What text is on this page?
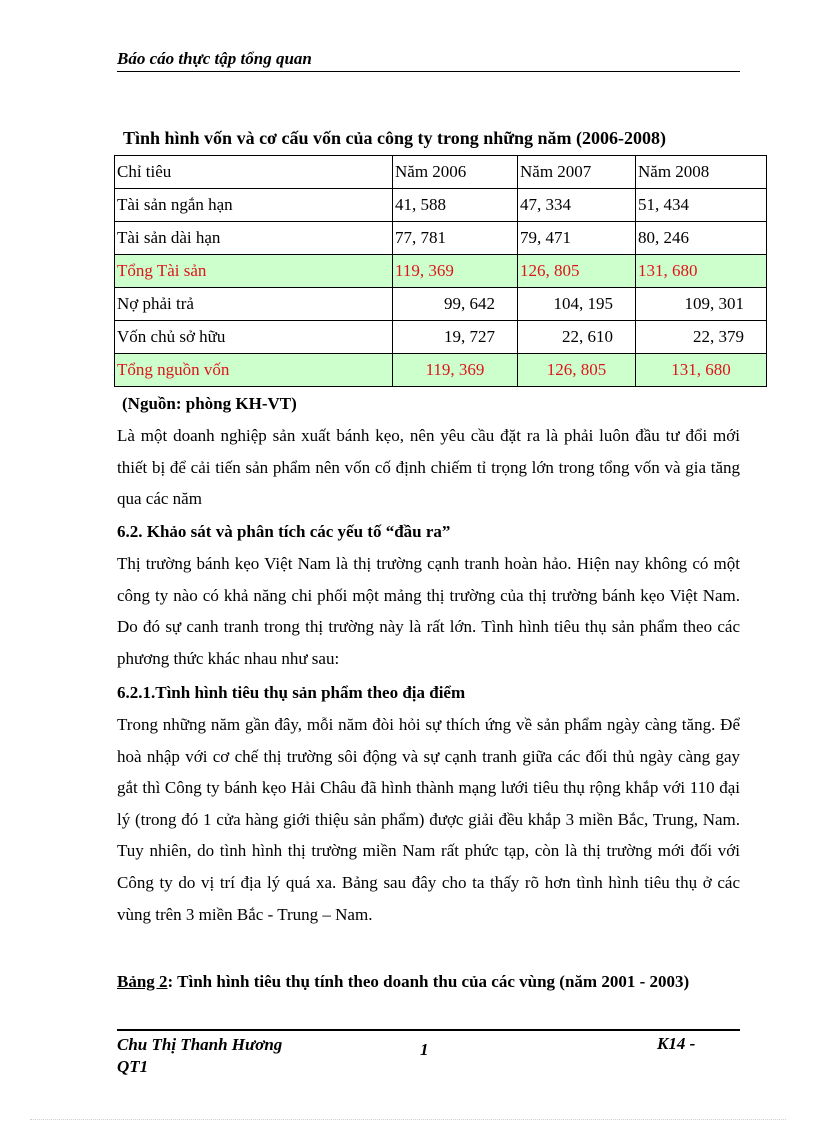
Báo cáo thực tập tổng quan
Tình hình vốn và cơ cấu vốn của công ty trong những năm (2006-2008)
Chỉ tiêu	Năm 2006	Năm 2007	Năm 2008
Tài sản ngắn hạn	41, 588	47, 334	51, 434
Tài sản dài hạn	77, 781	79, 471	80, 246
Tổng Tài sản	119, 369	126, 805	131, 680
Nợ phải trả	99, 642	104, 195	109, 301
Vốn chủ sở hữu	19, 727	22, 610	22, 379
Tổng nguồn vốn	119, 369	126, 805	131, 680
(Nguồn: phòng KH-VT)
Là một doanh nghiệp sản xuất bánh kẹo, nên yêu cầu đặt ra là phải luôn đầu tư đổi mới thiết bị để cải tiến sản phẩm nên vốn cố định chiếm tỉ trọng lớn trong tổng vốn và gia tăng qua các năm
6.2. Khảo sát và phân tích các yếu tố “đầu ra”
Thị trường bánh kẹo Việt Nam là thị trường cạnh tranh hoàn hảo. Hiện nay không có một công ty nào có khả năng chi phối một mảng thị trường của thị trường bánh kẹo Việt Nam. Do đó sự canh tranh trong thị trường này là rất lớn. Tình hình tiêu thụ sản phẩm theo các phương thức khác nhau như sau:
6.2.1.Tình hình tiêu thụ sản phẩm theo địa điểm
Trong những năm gần đây, mỗi năm đòi hỏi sự thích ứng về sản phẩm ngày càng tăng. Để hoà nhập với cơ chế thị trường sôi động và sự cạnh tranh giữa các đối thủ ngày càng gay gắt thì Công ty bánh kẹo Hải Châu đã hình thành mạng lưới tiêu thụ rộng khắp với 110 đại lý (trong đó 1 cửa hàng giới thiệu sản phẩm) được giải đều khắp 3 miền Bắc, Trung, Nam. Tuy nhiên, do tình hình thị trường miền Nam rất phức tạp, còn là thị trường mới đối với Công ty do vị trí địa lý quá xa. Bảng sau đây cho ta thấy rõ hơn tình hình tiêu thụ ở các vùng trên 3 miền Bắc - Trung – Nam.
Bảng 2: Tình hình tiêu thụ tính theo doanh thu của các vùng (năm 2001 - 2003)
Chu Thị Thanh Hương
QT1
1	K14 -
